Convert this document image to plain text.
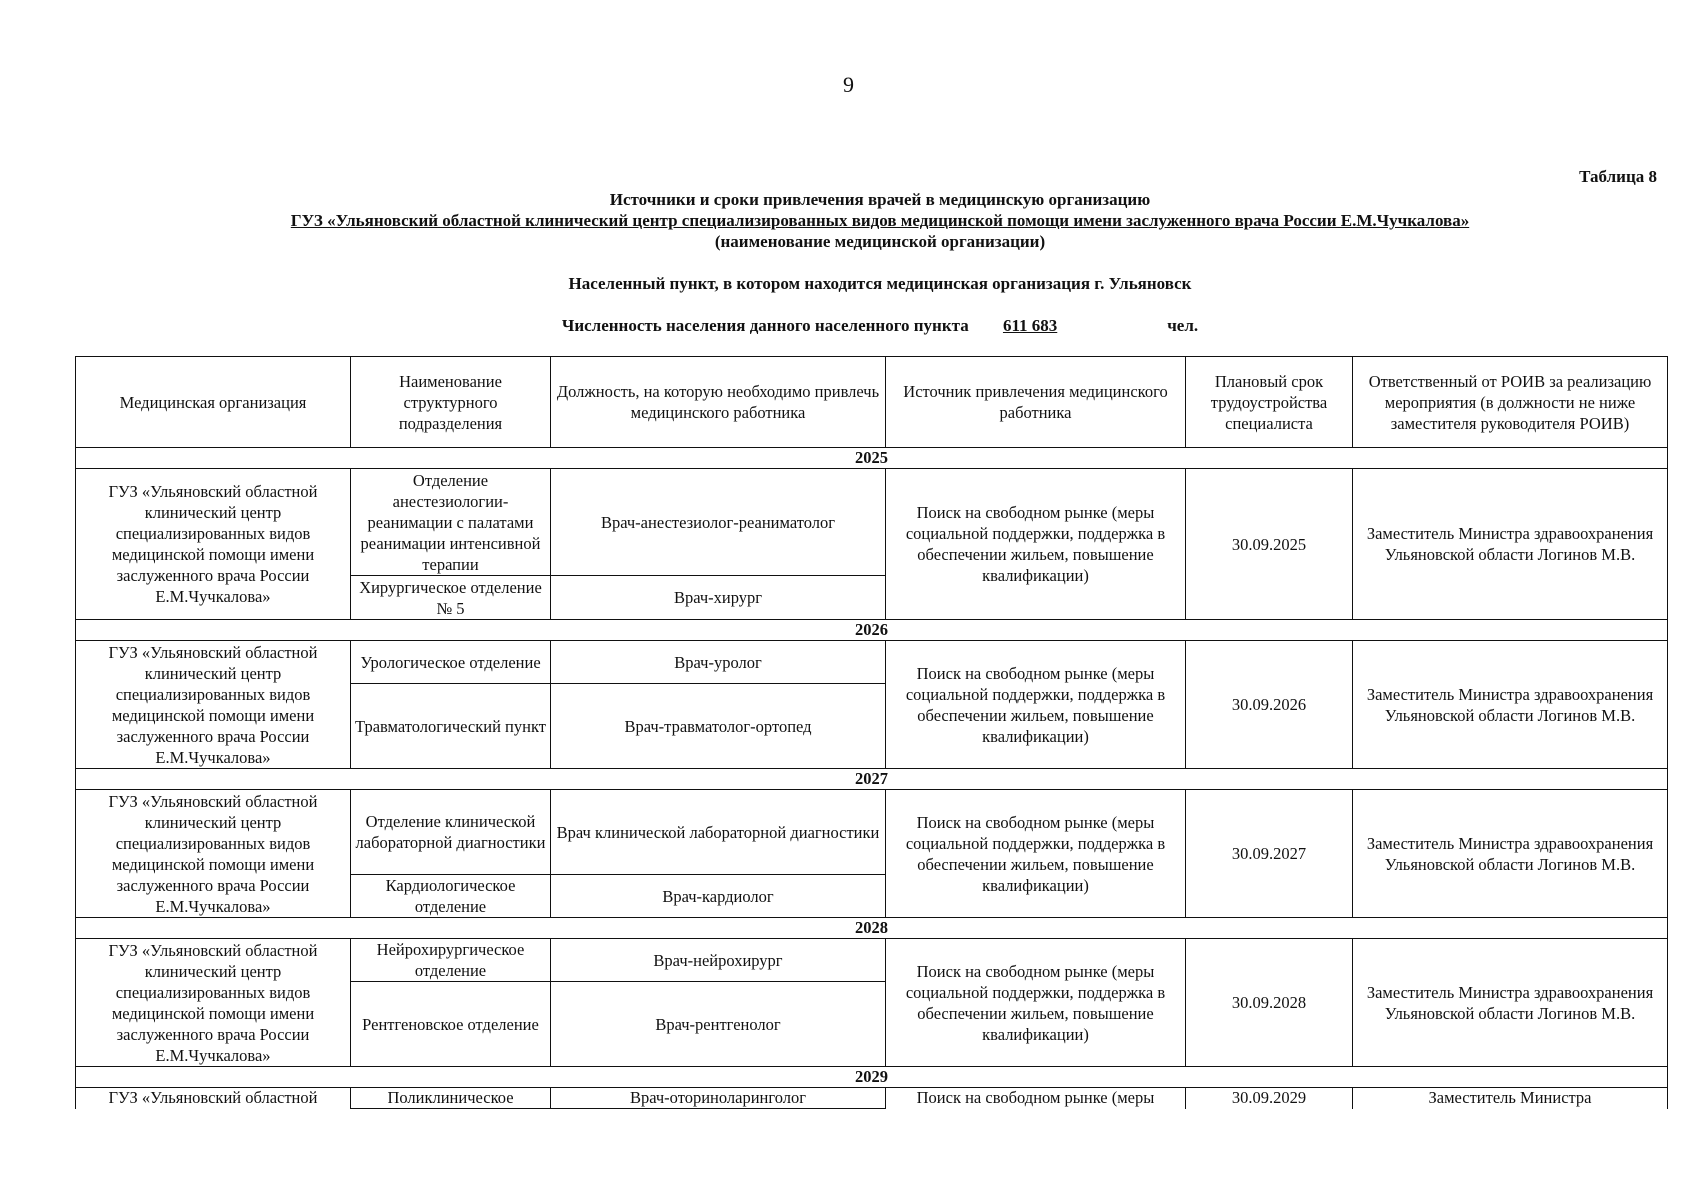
9
Таблица 8
Источники и сроки привлечения врачей в медицинскую организацию
ГУЗ «Ульяновский областной клинический центр специализированных видов медицинской помощи имени заслуженного врача России Е.М.Чучкалова»
(наименование медицинской организации)
Населенный пункт, в котором находится медицинская организация г. Ульяновск
Численность населения данного населенного пункта 611 683	чел.
Медицинская организация	Наименование структурного подразделения	Должность, на которую необходимо привлечь медицинского работника	Источник привлечения медицинского работника	Плановый срок трудоустройства специалиста	Ответственный от РОИВ за реализацию мероприятия (в должности не ниже заместителя руководителя РОИВ)
2025					
ГУЗ «Ульяновский областной клинический центр специализированных видов медицинской помощи имени заслуженного врача России Е.М.Чучкалова»	Отделение анестезиологии-реанимации с палатами реанимации интенсивной терапии	Врач-анестезиолог-реаниматолог	Поиск на свободном рынке (меры социальной поддержки, поддержка в обеспечении жильем, повышение квалификации)	30.09.2025	Заместитель Министра здравоохранения Ульяновской области Логинов М.В.
	Хирургическое отделение № 5	Врач-хирург			
2026					
ГУЗ «Ульяновский областной клинический центр специализированных видов медицинской помощи имени заслуженного врача России Е.М.Чучкалова»	Урологическое отделение	Врач-уролог	Поиск на свободном рынке (меры социальной поддержки, поддержка в обеспечении жильем, повышение квалификации)	30.09.2026	Заместитель Министра здравоохранения Ульяновской области Логинов М.В.
	Травматологический пункт	Врач-травматолог-ортопед			
2027					
ГУЗ «Ульяновский областной клинический центр специализированных видов медицинской помощи имени заслуженного врача России Е.М.Чучкалова»	Отделение клинической лабораторной диагностики	Врач клинической лабораторной диагностики	Поиск на свободном рынке (меры социальной поддержки, поддержка в обеспечении жильем, повышение квалификации)	30.09.2027	Заместитель Министра здравоохранения Ульяновской области Логинов М.В.
	Кардиологическое отделение	Врач-кардиолог			
2028					
ГУЗ «Ульяновский областной клинический центр специализированных видов медицинской помощи имени заслуженного врача России Е.М.Чучкалова»	Нейрохирургическое отделение	Врач-нейрохирург	Поиск на свободном рынке (меры социальной поддержки, поддержка в обеспечении жильем, повышение квалификации)	30.09.2028	Заместитель Министра здравоохранения Ульяновской области Логинов М.В.
	Рентгеновское отделение	Врач-рентгенолог			
2029					
ГУЗ «Ульяновский областной	Поликлиническое	Врач-оториноларинголог	Поиск на свободном рынке (меры	30.09.2029	Заместитель Министра
